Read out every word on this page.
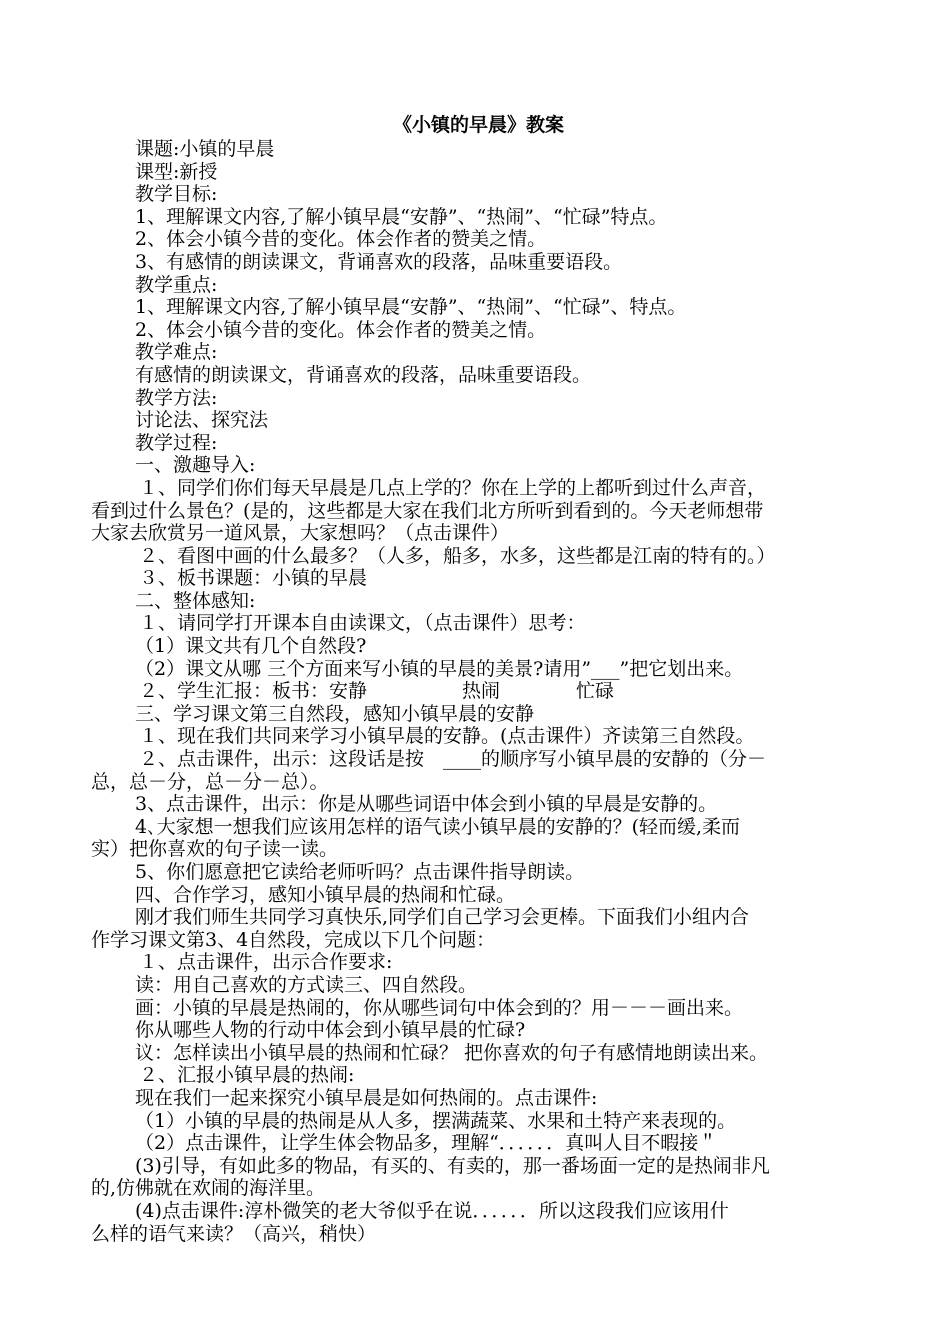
《小镇的早晨》教案
课题:小镇的早晨
课型:新授
教学目标:
1、理解课文内容,了解小镇早晨“安静”、“热闹”、“忙碌”特点。
2、体会小镇今昔的变化。体会作者的赞美之情。
3、有感情的朗读课文，背诵喜欢的段落，品味重要语段。
教学重点:
1、理解课文内容,了解小镇早晨“安静”、“热闹”、“忙碌”、特点。
2、体会小镇今昔的变化。体会作者的赞美之情。
教学难点:
有感情的朗读课文，背诵喜欢的段落，品味重要语段。
教学方法:
讨论法、探究法
教学过程:
一、激趣导入:
１、同学们你们每天早晨是几点上学的？你在上学的上都听到过什么声音，
看到过什么景色？(是的，这些都是大家在我们北方所听到看到的。今天老师想带
大家去欣赏另一道风景，大家想吗？（点击课件）
２、看图中画的什么最多？（人多，船多，水多，这些都是江南的特有的。）
３、板书课题：小镇的早晨
二、整体感知:
１、请同学打开课本自由读课文，（点击课件）思考：
（1）课文共有几个自然段?
（2）课文从哪 三个方面来写小镇的早晨的美景?请用”___”把它划出来。
２、学生汇报：板书：安静　　　　　热闹　　　　忙碌
三、学习课文第三自然段，感知小镇早晨的安静
１、现在我们共同来学习小镇早晨的安静。(点击课件）齐读第三自然段。
２、点击课件，出示：这段话是按　____的顺序写小镇早晨的安静的（分－
总，总－分，总－分－总）。
3、点击课件，出示：你是从哪些词语中体会到小镇的早晨是安静的。
4､大家想一想我们应该用怎样的语气读小镇早晨的安静的？(轻而缓,柔而
实）把你喜欢的句子读一读。
5、你们愿意把它读给老师听吗？点击课件指导朗读。
四、合作学习，感知小镇早晨的热闹和忙碌。
刚才我们师生共同学习真快乐,同学们自己学习会更棒。下面我们小组内合
作学习课文第3、4自然段，完成以下几个问题：
１、点击课件，出示合作要求:
读：用自己喜欢的方式读三、四自然段。
画：小镇的早晨是热闹的，你从哪些词句中体会到的？用－－－画出来。
你从哪些人物的行动中体会到小镇早晨的忙碌?
议：怎样读出小镇早晨的热闹和忙碌？ 把你喜欢的句子有感情地朗读出来。
２、汇报小镇早晨的热闹:
现在我们一起来探究小镇早晨是如何热闹的。点击课件:
（1）小镇的早晨的热闹是从人多，摆满蔬菜、水果和土特产来表现的。
（2）点击课件，让学生体会物品多，理解“．．．．．．真叫人目不暇接＂
(3)引导，有如此多的物品，有买的、有卖的，那一番场面一定的是热闹非凡
的,仿佛就在欢闹的海洋里。
(4)点击课件:淳朴微笑的老大爷似乎在说．．．．．．所以这段我们应该用什
么样的语气来读？（高兴，稍快）
